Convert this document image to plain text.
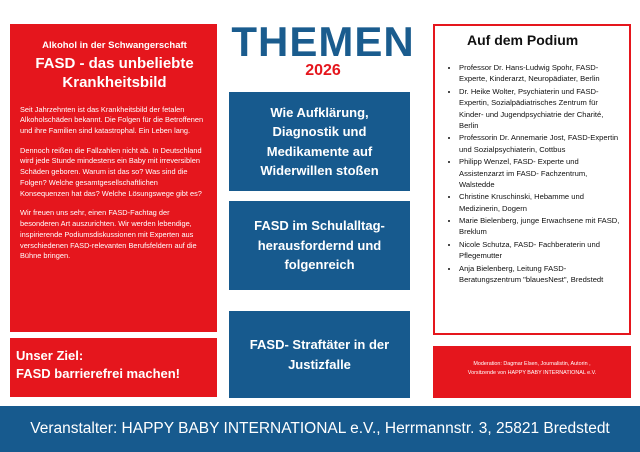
Alkohol in der Schwangerschaft
FASD - das unbeliebte
Krankheitsbild

Seit Jahrzehnten ist das Krankheitsbild der fetalen Alkoholschäden bekannt. Die Folgen für die Betroffenen und ihre Familien sind katastrophal. Ein Leben lang.

Dennoch reißen die Fallzahlen nicht ab. In Deutschland wird jede Stunde mindestens ein Baby mit irreversiblen Schäden geboren. Warum ist das so? Was sind die Folgen? Welche gesamtgesellschaftlichen Konsequenzen hat das? Welche Lösungswege gibt es?

Wir freuen uns sehr, einen FASD-Fachtag der besonderen Art auszurichten. Wir werden lebendige, inspirierende Podiumsdiskussionen mit Experten aus verschiedenen FASD-relevanten Berufsfeldern auf die Bühne bringen.

Unser Ziel:
FASD barrierefrei machen!
THEMEN
2026
Wie Aufklärung, Diagnostik und Medikamente auf Widerwillen stoßen
FASD im Schulalltag- herausfordernd und folgenreich
FASD- Straftäter in der Justizfalle
Auf dem Podium
• Professor Dr. Hans-Ludwig Spohr, FASD-Experte, Kinderarzt, Neuropädiater, Berlin
• Dr. Heike Wolter, Psychiaterin und FASD-Expertin, Sozialpädiatrisches Zentrum für Kinder- und Jugendpsychiatrie der Charité, Berlin
• Professorin Dr. Annemarie Jost, FASD-Expertin und Sozialpsychiaterin, Cottbus
• Philipp Wenzel, FASD- Experte und Assistenzarzt im FASD- Fachzentrum, Walstedde
• Christine Kruschinski, Hebamme und Medizinerin, Dogern
• Marie Bielenberg, junge Erwachsene mit FASD, Breklum
• Nicole Schutza, FASD- Fachberaterin und Pflegemutter
• Anja Bielenberg, Leitung FASD-Beratungszentrum "blauesNest", Bredstedt
Moderation: Dagmar Elsen, Journalistin, Autorin ,
Vorsitzende von HAPPY BABY INTERNATIONAL e.V.
Veranstalter: HAPPY BABY INTERNATIONAL e.V., Herrmannstr. 3, 25821 Bredstedt
